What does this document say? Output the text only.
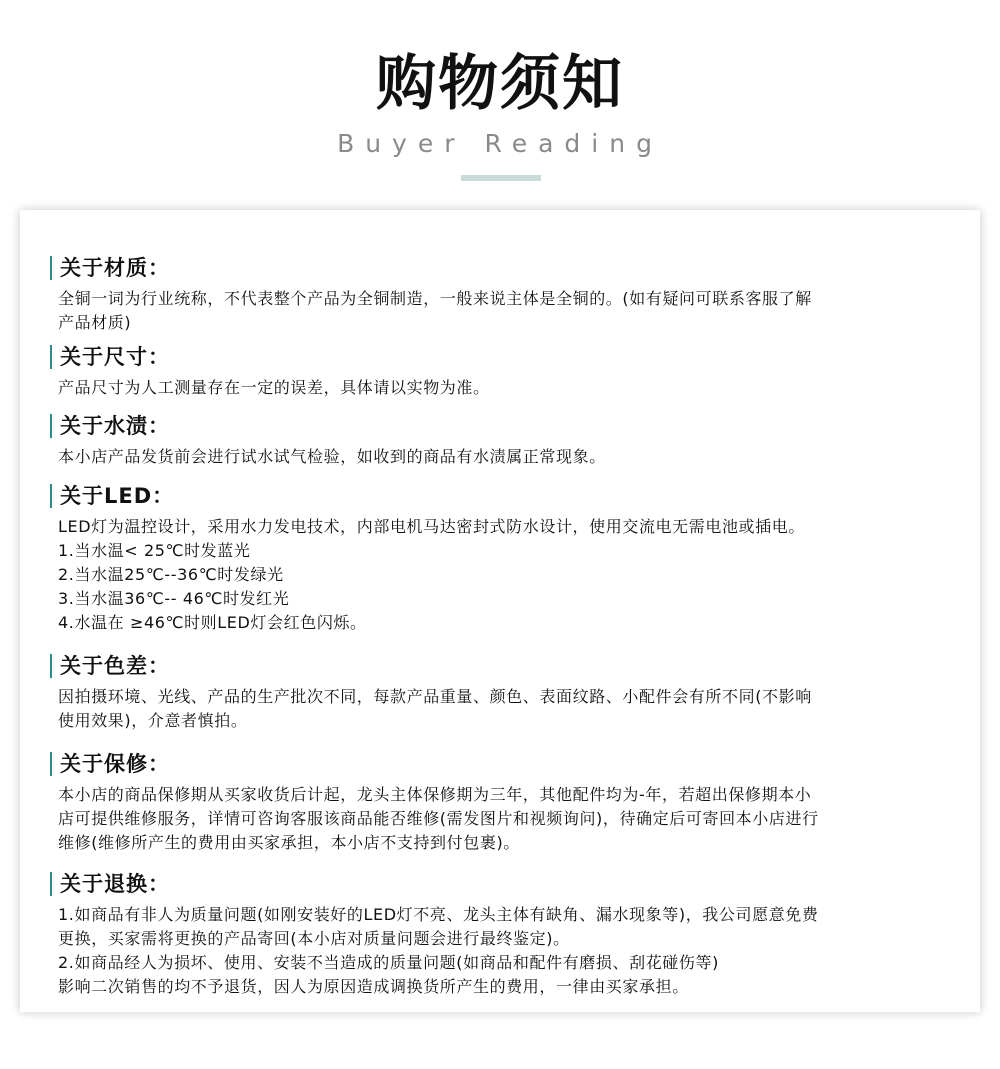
购物须知
Buyer Reading
关于材质：
全铜一词为行业统称，不代表整个产品为全铜制造，一般来说主体是全铜的。(如有疑问可联系客服了解
产品材质)
关于尺寸：
产品尺寸为人工测量存在一定的误差，具体请以实物为准。
关于水渍：
本小店产品发货前会进行试水试气检验，如收到的商品有水渍属正常现象。
关于LED：
LED灯为温控设计，采用水力发电技术，内部电机马达密封式防水设计，使用交流电无需电池或插电。
1.当水温< 25℃时发蓝光
2.当水温25℃--36℃时发绿光
3.当水温36℃-- 46℃时发红光
4.水温在 ≥46℃时则LED灯会红色闪烁。
关于色差：
因拍摄环境、光线、产品的生产批次不同，每款产品重量、颜色、表面纹路、小配件会有所不同(不影响
使用效果)，介意者慎拍。
关于保修：
本小店的商品保修期从买家收货后计起，龙头主体保修期为三年，其他配件均为-年，若超出保修期本小
店可提供维修服务，详情可咨询客服该商品能否维修(需发图片和视频询问)，待确定后可寄回本小店进行
维修(维修所产生的费用由买家承担，本小店不支持到付包裹)。
关于退换：
1.如商品有非人为质量问题(如刚安装好的LED灯不亮、龙头主体有缺角、漏水现象等)，我公司愿意免费
更换，买家需将更换的产品寄回(本小店对质量问题会进行最终鉴定)。
2.如商品经人为损坏、使用、安装不当造成的质量问题(如商品和配件有磨损、刮花碰伤等)
影响二次销售的均不予退货，因人为原因造成调换货所产生的费用，一律由买家承担。
